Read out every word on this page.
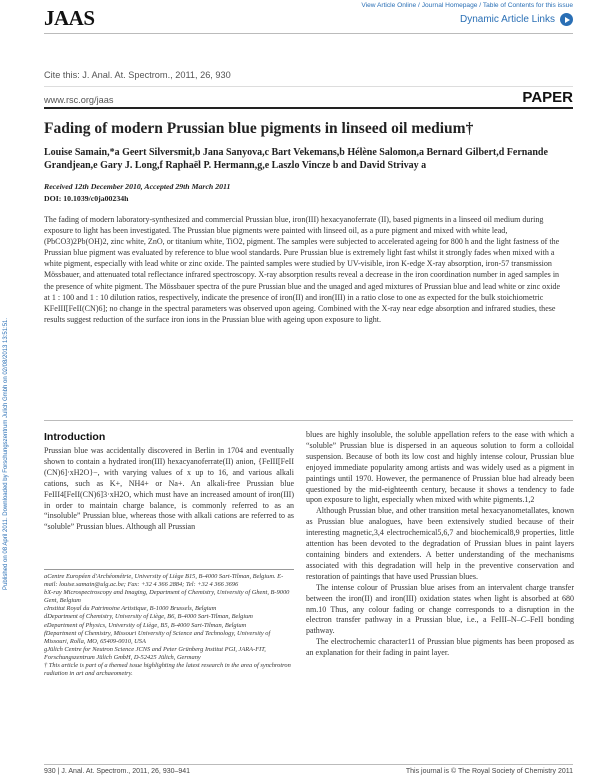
JAAS
View Article Online / Journal Homepage / Table of Contents for this issue
Dynamic Article Links
Cite this: J. Anal. At. Spectrom., 2011, 26, 930
www.rsc.org/jaas	PAPER
Published on 08 April 2011. Downloaded by Forschungszentrum Julich Gmbh on 02/08/2013 13:51:51.
Fading of modern Prussian blue pigments in linseed oil medium†
Louise Samain,*a Geert Silversmit,b Jana Sanyova,c Bart Vekemans,b Hélène Salomon,a Bernard Gilbert,d Fernande Grandjean,e Gary J. Long,f Raphaël P. Hermann,g,e Laszlo Vincze b and David Strivay a
Received 12th December 2010, Accepted 29th March 2011
DOI: 10.1039/c0ja00234h
The fading of modern laboratory-synthesized and commercial Prussian blue, iron(III) hexacyanoferrate (II), based pigments in a linseed oil medium during exposure to light has been investigated. The Prussian blue pigments were painted with linseed oil, as a pure pigment and mixed with white lead, (PbCO3)2Pb(OH)2, zinc white, ZnO, or titanium white, TiO2, pigment. The samples were subjected to accelerated ageing for 800 h and the light fastness of the Prussian blue pigment was evaluated by reference to blue wool standards. Pure Prussian blue is extremely light fast whilst it strongly fades when mixed with a white pigment, especially with lead white or zinc oxide. The painted samples were studied by UV-visible, iron K-edge X-ray absorption, iron-57 transmission Mössbauer, and attenuated total reflectance infrared spectroscopy. X-ray absorption results reveal a decrease in the iron coordination number in aged samples in the presence of white pigment. The Mössbauer spectra of the pure Prussian blue and the unaged and aged mixtures of Prussian blue and lead white or zinc oxide at 1 : 100 and 1 : 10 dilution ratios, respectively, indicate the presence of iron(II) and iron(III) in a ratio close to one as expected for the bulk stoichiometric KFeIII[FeII(CN)6]; no change in the spectral parameters was observed upon ageing. Combined with the X-ray near edge absorption and infrared studies, these results suggest reduction of the surface iron ions in the Prussian blue with ageing upon exposure to light.
Introduction

Prussian blue was accidentally discovered in Berlin in 1704 and eventually shown to contain a hydrated iron(III) hexacyanoferrate(II) anion, {FeIII[FeII (CN)6]·xH2O}−, with varying values of x up to 16, and various alkali cations, such as K+, NH4+ or Na+. An alkali-free Prussian blue FeIII4[FeII(CN)6]3·xH2O, which must have an increased amount of iron(III) in order to maintain charge balance, is commonly referred to as an “insoluble” Prussian blue, whereas those with alkali cations are referred to as “soluble” Prussian blues. Although all Prussian

blues are highly insoluble, the soluble appellation refers to the ease with which a “soluble” Prussian blue is dispersed in an aqueous solution to form a colloidal suspension. Because of both its low cost and highly intense colour, Prussian blue enjoyed immediate popularity among artists and was widely used as a pigment in paintings until 1970. However, the permanence of Prussian blue had already been questioned by the mid-eighteenth century, because it shows a tendency to fade upon exposure to light, especially when mixed with white pigments.1,2

Although Prussian blue, and other transition metal hexacyanometallates, known as Prussian blue analogues, have been extensively studied because of their interesting magnetic,3,4 electrochemical5,6,7 and biochemical8,9 properties, little attention has been devoted to the degradation of Prussian blues in paint layers containing binders and extenders. A better understanding of the mechanisms associated with this degradation will help in the preventive conservation and restoration of paintings that have used Prussian blues.

The intense colour of Prussian blue arises from an intervalent charge transfer between the iron(II) and iron(III) oxidation states when light is absorbed at 680 nm.10 Thus, any colour fading or change corresponds to a disruption in the electron transfer pathway in a Prussian blue, i.e., a FeIII–N–C–FeII bonding pathway.

The electrochemic character11 of Prussian blue pigments has been proposed as an explanation for their fading in paint layer.

aCentre Européen d'Archéométrie, University of Liège B15, B-4000 Sart-Tilman, Belgium. E-mail: louise.samain@ulg.ac.be; Fax: +32 4 366 2884; Tel: +32 4 366 3696
bX-ray Microspectroscopy and Imaging, Department of Chemistry, University of Ghent, B-9000 Gent, Belgium
cInstitut Royal du Patrimoine Artistique, B-1000 Brussels, Belgium
dDepartment of Chemistry, University of Liège, B6, B-4000 Sart-Tilman, Belgium
eDepartment of Physics, University of Liège, B5, B-4000 Sart-Tilman, Belgium
fDepartment of Chemistry, Missouri University of Science and Technology, University of Missouri, Rolla, MO, 65409-0010, USA
gJülich Centre for Neutron Science JCNS and Peter Grünberg Institut PGI, JARA-FIT, Forschungszentrum Jülich GmbH, D-52425 Jülich, Germany
† This article is part of a themed issue highlighting the latest research in the area of synchrotron radiation in art and archaeometry.
930 | J. Anal. At. Spectrom., 2011, 26, 930–941	This journal is © The Royal Society of Chemistry 2011
